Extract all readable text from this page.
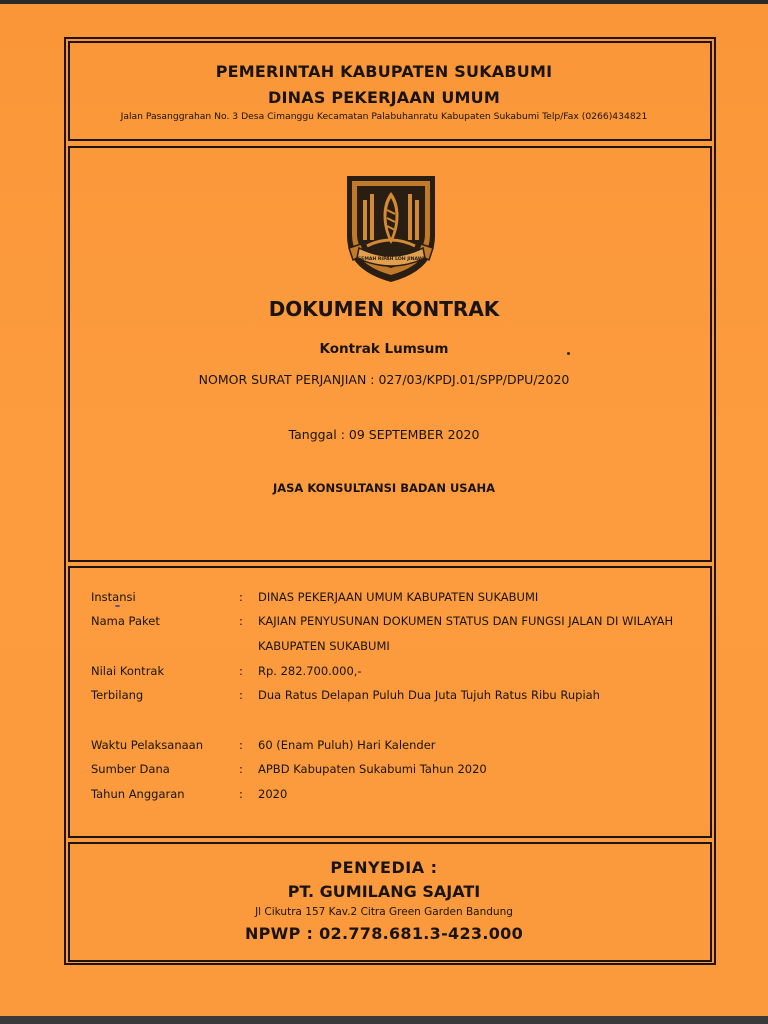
PEMERINTAH KABUPATEN SUKABUMI
DINAS PEKERJAAN UMUM
Jalan Pasanggrahan No. 3 Desa Cimanggu Kecamatan Palabuhanratu Kabupaten Sukabumi Telp/Fax (0266)434821
GEMAH RIPAH LOH JINAWI
DOKUMEN KONTRAK
Kontrak Lumsum
NOMOR SURAT PERJANJIAN : 027/03/KPDJ.01/SPP/DPU/2020
Tanggal : 09 SEPTEMBER 2020
JASA KONSULTANSI BADAN USAHA
Instansi	: DINAS PEKERJAAN UMUM KABUPATEN SUKABUMI
Nama Paket	: KAJIAN PENYUSUNAN DOKUMEN STATUS DAN FUNGSI JALAN DI WILAYAH
KABUPATEN SUKABUMI
Nilai Kontrak	: Rp. 282.700.000,-
Terbilang	: Dua Ratus Delapan Puluh Dua Juta Tujuh Ratus Ribu Rupiah
Waktu Pelaksanaan	: 60 (Enam Puluh) Hari Kalender
Sumber Dana	: APBD Kabupaten Sukabumi Tahun 2020
Tahun Anggaran	: 2020
PENYEDIA :
PT. GUMILANG SAJATI
Jl Cikutra 157 Kav.2 Citra Green Garden Bandung
NPWP : 02.778.681.3-423.000
